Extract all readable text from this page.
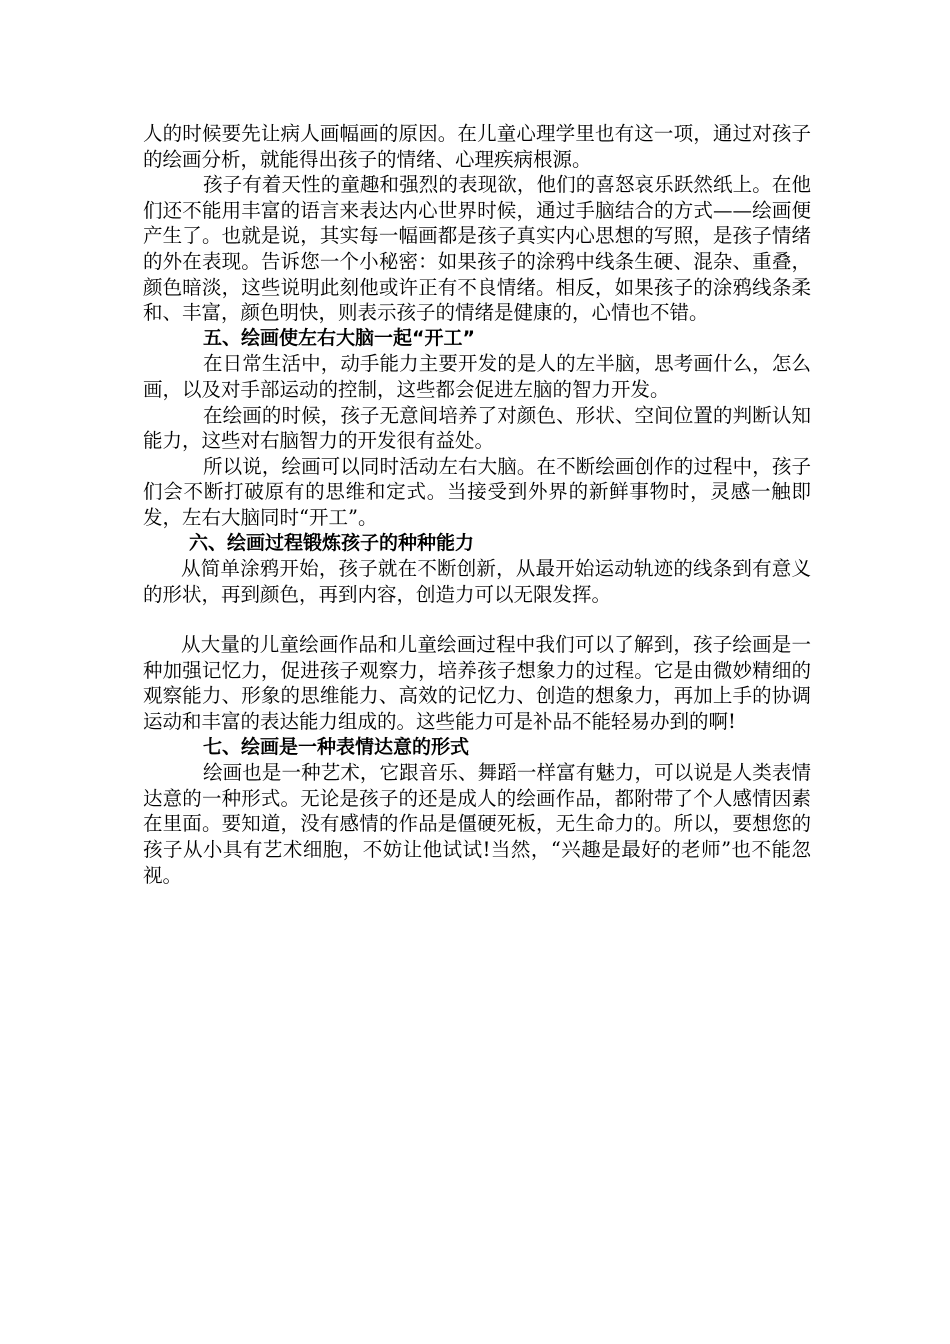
人的时候要先让病人画幅画的原因。在儿童心理学里也有这一项，通过对孩子的绘画分析，就能得出孩子的情绪、心理疾病根源。

孩子有着天性的童趣和强烈的表现欲，他们的喜怒哀乐跃然纸上。在他们还不能用丰富的语言来表达内心世界时候，通过手脑结合的方式——绘画便产生了。也就是说，其实每一幅画都是孩子真实内心思想的写照，是孩子情绪的外在表现。告诉您一个小秘密：如果孩子的涂鸦中线条生硬、混杂、重叠，颜色暗淡，这些说明此刻他或许正有不良情绪。相反，如果孩子的涂鸦线条柔和、丰富，颜色明快，则表示孩子的情绪是健康的，心情也不错。

五、绘画使左右大脑一起“开工”

在日常生活中，动手能力主要开发的是人的左半脑，思考画什么，怎么画，以及对手部运动的控制，这些都会促进左脑的智力开发。

在绘画的时候，孩子无意间培养了对颜色、形状、空间位置的判断认知能力，这些对右脑智力的开发很有益处。

所以说，绘画可以同时活动左右大脑。在不断绘画创作的过程中，孩子们会不断打破原有的思维和定式。当接受到外界的新鲜事物时，灵感一触即发，左右大脑同时“开工”。

六、绘画过程锻炼孩子的种种能力

从简单涂鸦开始，孩子就在不断创新，从最开始运动轨迹的线条到有意义的形状，再到颜色，再到内容，创造力可以无限发挥。

从大量的儿童绘画作品和儿童绘画过程中我们可以了解到，孩子绘画是一种加强记忆力，促进孩子观察力，培养孩子想象力的过程。它是由微妙精细的观察能力、形象的思维能力、高效的记忆力、创造的想象力，再加上手的协调运动和丰富的表达能力组成的。这些能力可是补品不能轻易办到的啊!

七、绘画是一种表情达意的形式

绘画也是一种艺术，它跟音乐、舞蹈一样富有魅力，可以说是人类表情达意的一种形式。无论是孩子的还是成人的绘画作品，都附带了个人感情因素在里面。要知道，没有感情的作品是僵硬死板，无生命力的。所以，要想您的孩子从小具有艺术细胞，不妨让他试试!当然，“兴趣是最好的老师”也不能忽视。
